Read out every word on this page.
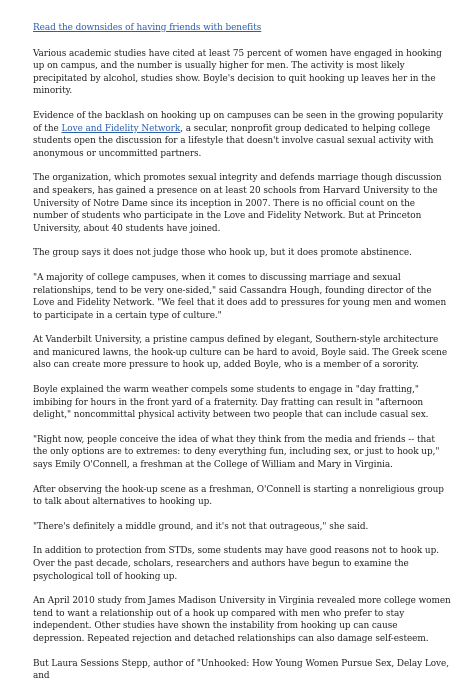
Read the downsides of having friends with benefits

Various academic studies have cited at least 75 percent of women have engaged in hooking up on campus, and the number is usually higher for men. The activity is most likely precipitated by alcohol, studies show. Boyle's decision to quit hooking up leaves her in the minority.

Evidence of the backlash on hooking up on campuses can be seen in the growing popularity of the Love and Fidelity Network, a secular, nonprofit group dedicated to helping college students open the discussion for a lifestyle that doesn't involve casual sexual activity with anonymous or uncommitted partners.

The organization, which promotes sexual integrity and defends marriage though discussion and speakers, has gained a presence on at least 20 schools from Harvard University to the University of Notre Dame since its inception in 2007. There is no official count on the number of students who participate in the Love and Fidelity Network. But at Princeton University, about 40 students have joined.

The group says it does not judge those who hook up, but it does promote abstinence.

"A majority of college campuses, when it comes to discussing marriage and sexual relationships, tend to be very one-sided," said Cassandra Hough, founding director of the Love and Fidelity Network. "We feel that it does add to pressures for young men and women to participate in a certain type of culture."

At Vanderbilt University, a pristine campus defined by elegant, Southern-style architecture and manicured lawns, the hook-up culture can be hard to avoid, Boyle said. The Greek scene also can create more pressure to hook up, added Boyle, who is a member of a sorority.

Boyle explained the warm weather compels some students to engage in "day fratting," imbibing for hours in the front yard of a fraternity. Day fratting can result in "afternoon delight," noncommittal physical activity between two people that can include casual sex.

"Right now, people conceive the idea of what they think from the media and friends -- that the only options are to extremes: to deny everything fun, including sex, or just to hook up," says Emily O'Connell, a freshman at the College of William and Mary in Virginia.

After observing the hook-up scene as a freshman, O'Connell is starting a nonreligious group to talk about alternatives to hooking up.

"There's definitely a middle ground, and it's not that outrageous," she said.

In addition to protection from STDs, some students may have good reasons not to hook up. Over the past decade, scholars, researchers and authors have begun to examine the psychological toll of hooking up.

An April 2010 study from James Madison University in Virginia revealed more college women tend to want a relationship out of a hook up compared with men who prefer to stay independent. Other studies have shown the instability from hooking up can cause depression. Repeated rejection and detached relationships can also damage self-esteem.

But Laura Sessions Stepp, author of "Unhooked: How Young Women Pursue Sex, Delay Love, and
